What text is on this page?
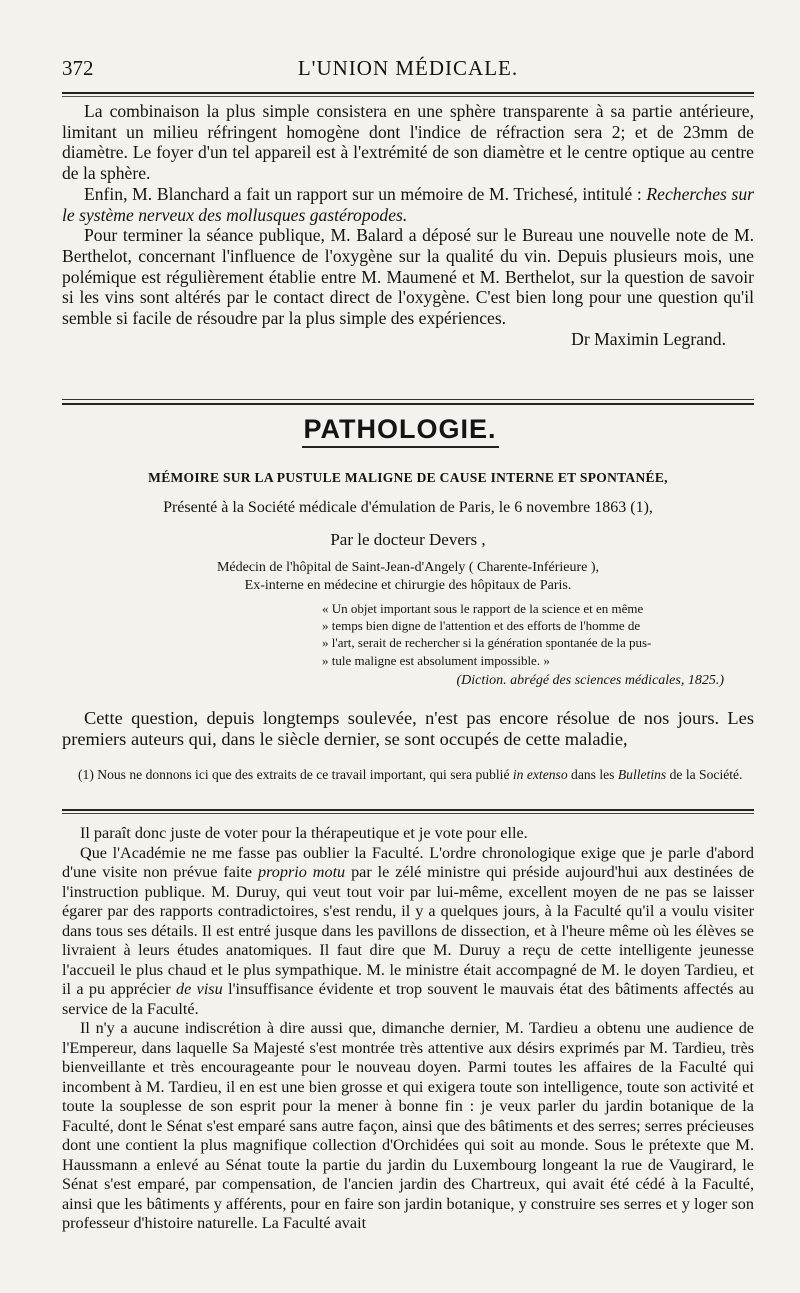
372	L'UNION MÉDICALE.

La combinaison la plus simple consistera en une sphère transparente à sa partie antérieure, limitant un milieu réfringent homogène dont l'indice de réfraction sera 2; et de 23mm de diamètre. Le foyer d'un tel appareil est à l'extrémité de son diamètre et le centre optique au centre de la sphère.

Enfin, M. Blanchard a fait un rapport sur un mémoire de M. Trichesé, intitulé : Recherches sur le système nerveux des mollusques gastéropodes.

Pour terminer la séance publique, M. Balard a déposé sur le Bureau une nouvelle note de M. Berthelot, concernant l'influence de l'oxygène sur la qualité du vin. Depuis plusieurs mois, une polémique est régulièrement établie entre M. Maumené et M. Berthelot, sur la question de savoir si les vins sont altérés par le contact direct de l'oxygène. C'est bien long pour une question qu'il semble si facile de résoudre par la plus simple des expériences.

Dr Maximin Legrand.

PATHOLOGIE.
MÉMOIRE SUR LA PUSTULE MALIGNE DE CAUSE INTERNE ET SPONTANÉE,
Présenté à la Société médicale d'émulation de Paris, le 6 novembre 1863 (1),
Par le docteur Devers ,
Médecin de l'hôpital de Saint-Jean-d'Angely ( Charente-Inférieure ),
Ex-interne en médecine et chirurgie des hôpitaux de Paris.

« Un objet important sous le rapport de la science et en même

» temps bien digne de l'attention et des efforts de l'homme de

» l'art, serait de rechercher si la génération spontanée de la pus-

» tule maligne est absolument impossible. »

(Diction. abrégé des sciences médicales, 1825.)

Cette question, depuis longtemps soulevée, n'est pas encore résolue de nos jours. Les premiers auteurs qui, dans le siècle dernier, se sont occupés de cette maladie,

(1) Nous ne donnons ici que des extraits de ce travail important, qui sera publié in extenso dans les Bulletins de la Société.

Il paraît donc juste de voter pour la thérapeutique et je vote pour elle.

Que l'Académie ne me fasse pas oublier la Faculté. L'ordre chronologique exige que je parle d'abord d'une visite non prévue faite proprio motu par le zélé ministre qui préside aujourd'hui aux destinées de l'instruction publique. M. Duruy, qui veut tout voir par lui-même, excellent moyen de ne pas se laisser égarer par des rapports contradictoires, s'est rendu, il y a quelques jours, à la Faculté qu'il a voulu visiter dans tous ses détails. Il est entré jusque dans les pavillons de dissection, et à l'heure même où les élèves se livraient à leurs études anatomiques. Il faut dire que M. Duruy a reçu de cette intelligente jeunesse l'accueil le plus chaud et le plus sympathique. M. le ministre était accompagné de M. le doyen Tardieu, et il a pu apprécier de visu l'insuffisance évidente et trop souvent le mauvais état des bâtiments affectés au service de la Faculté.

Il n'y a aucune indiscrétion à dire aussi que, dimanche dernier, M. Tardieu a obtenu une audience de l'Empereur, dans laquelle Sa Majesté s'est montrée très attentive aux désirs exprimés par M. Tardieu, très bienveillante et très encourageante pour le nouveau doyen. Parmi toutes les affaires de la Faculté qui incombent à M. Tardieu, il en est une bien grosse et qui exigera toute son intelligence, toute son activité et toute la souplesse de son esprit pour la mener à bonne fin : je veux parler du jardin botanique de la Faculté, dont le Sénat s'est emparé sans autre façon, ainsi que des bâtiments et des serres; serres précieuses dont une contient la plus magnifique collection d'Orchidées qui soit au monde. Sous le prétexte que M. Haussmann a enlevé au Sénat toute la partie du jardin du Luxembourg longeant la rue de Vaugirard, le Sénat s'est emparé, par compensation, de l'ancien jardin des Chartreux, qui avait été cédé à la Faculté, ainsi que les bâtiments y afférents, pour en faire son jardin botanique, y construire ses serres et y loger son professeur d'histoire naturelle. La Faculté avait
